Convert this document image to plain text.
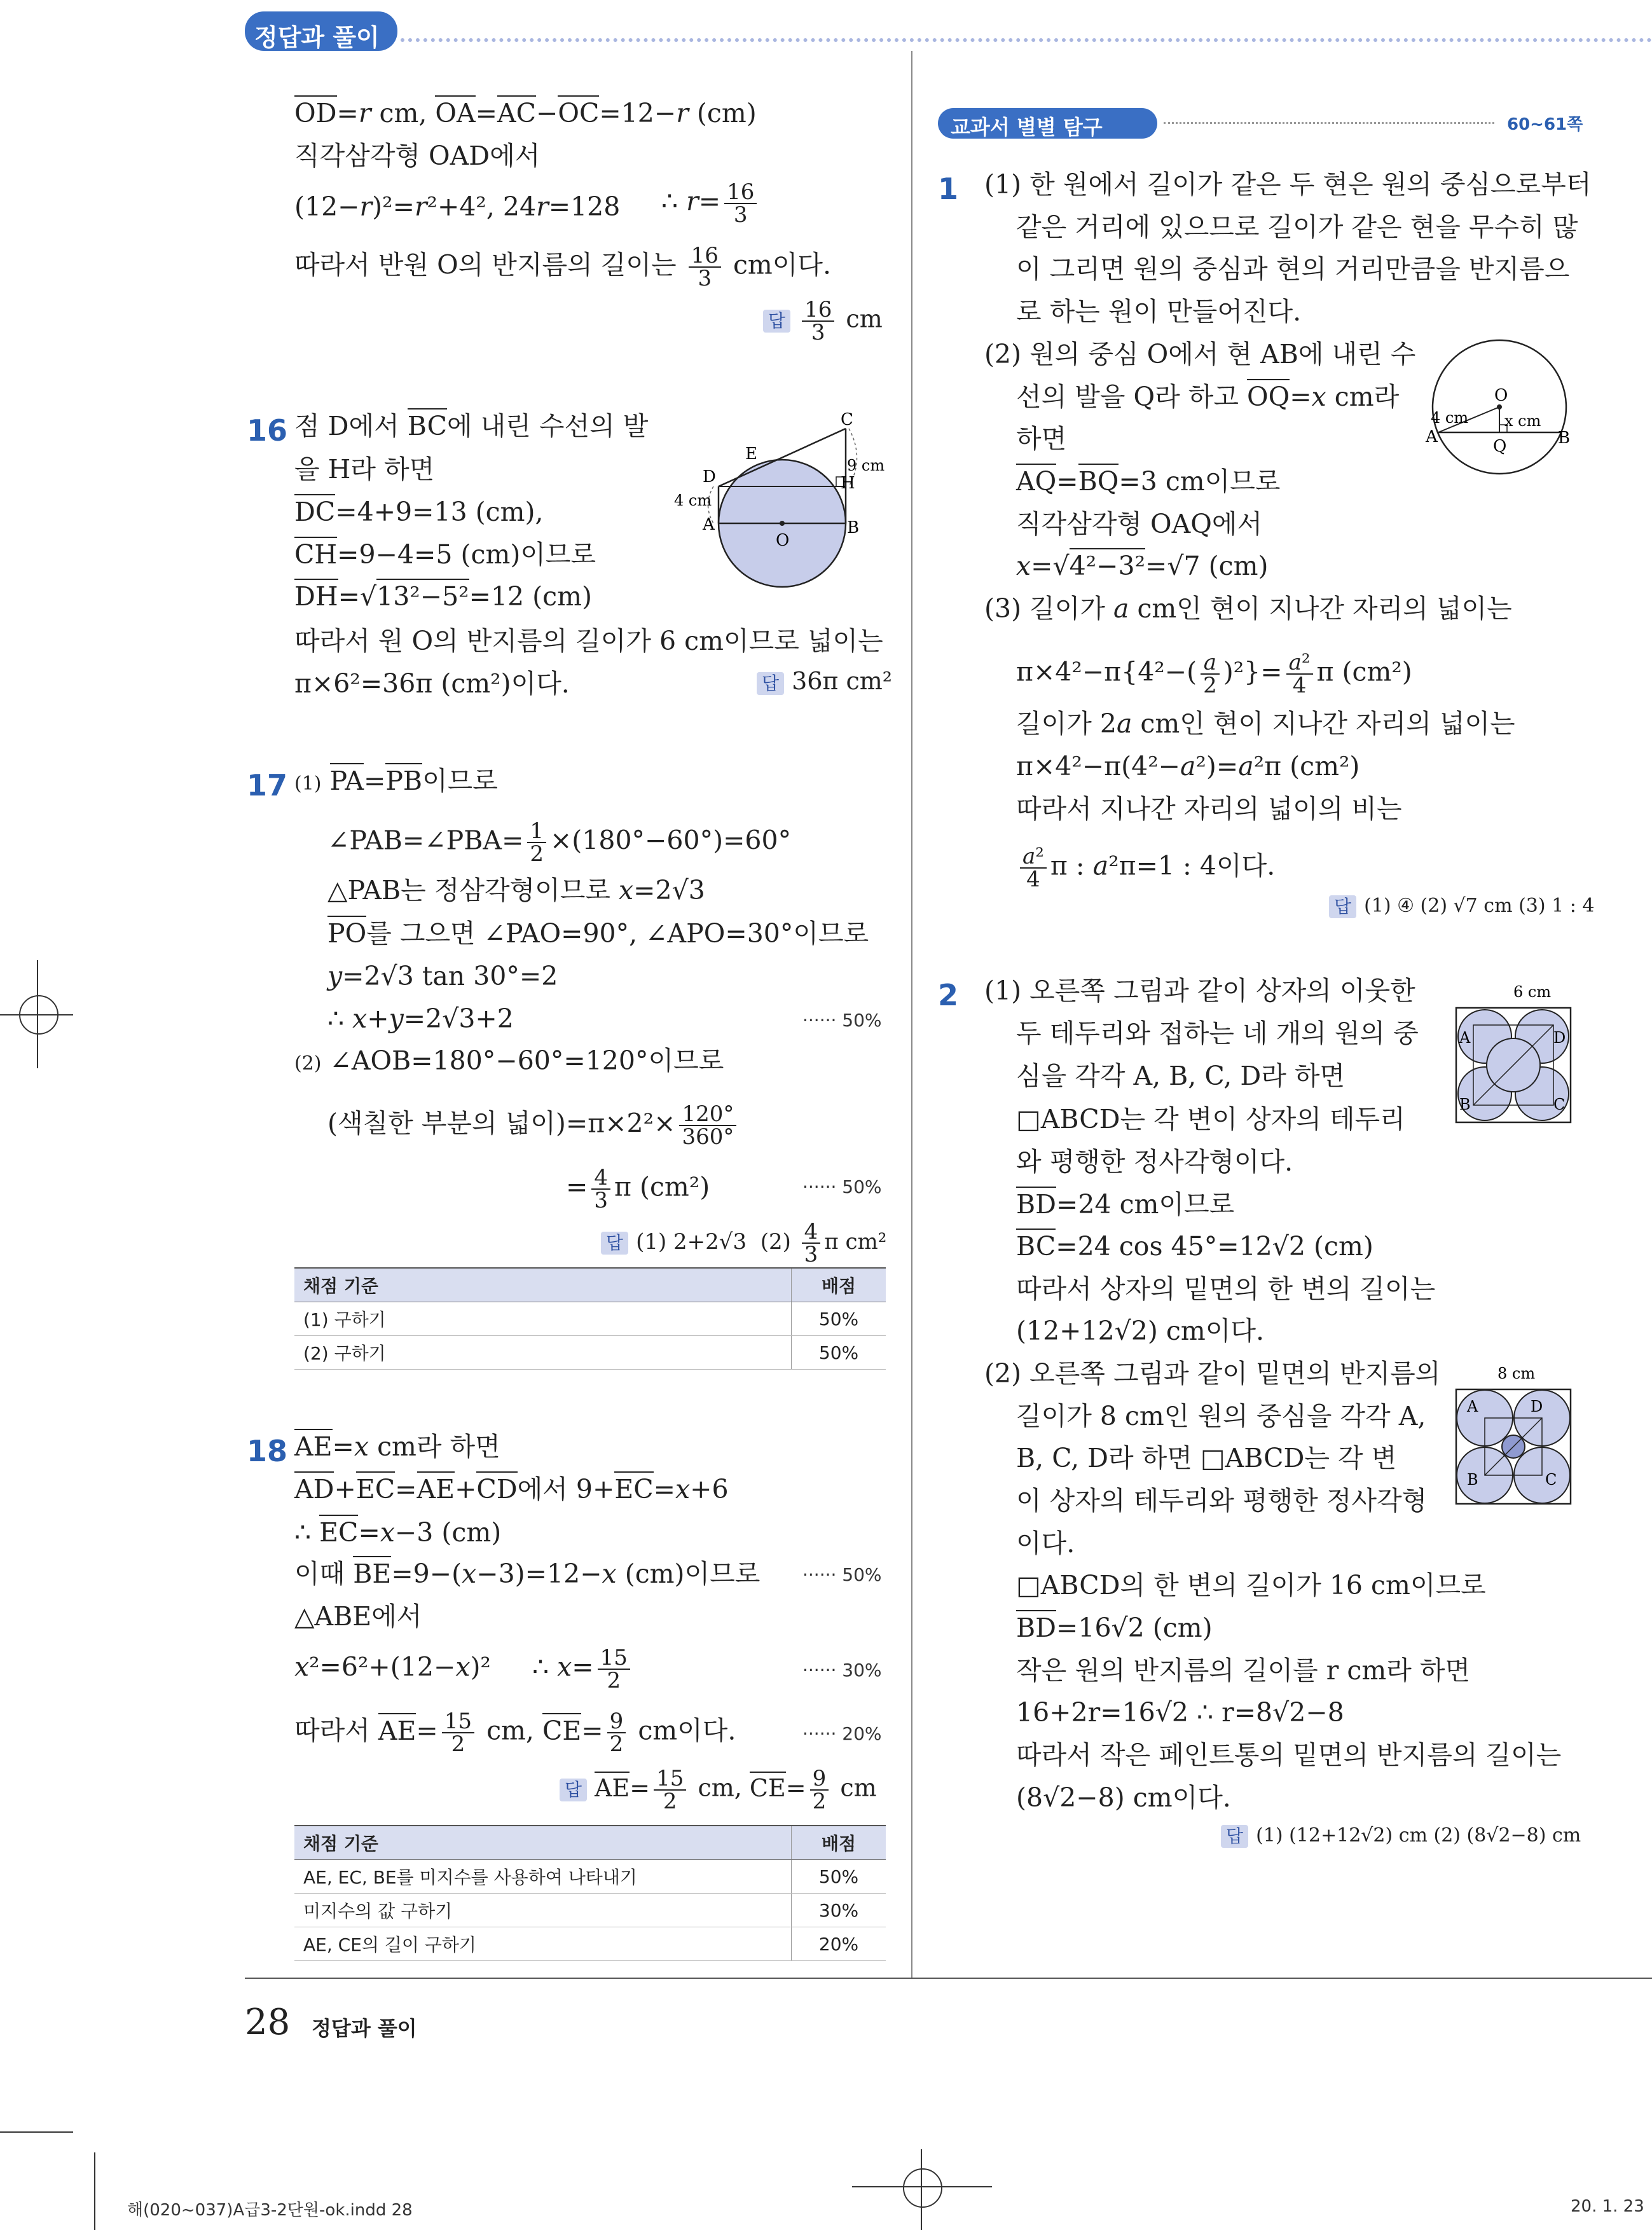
정답과 풀이
OD=r cm, OA=AC−OC=12−r (cm)
직각삼각형 OAD에서
(12−r)²=r²+4², 24r=128 ∴ $r= \frac{16}{3}$
따라서 반원 O의 반지름의 길이는 $\frac{16}{3}$ cm이다.
답 $\frac{16}{3}$ cm
16 점 D에서 BC에 내린 수선의 발
을 H라 하면
DC=4+9=13 (cm),
CH=9−4=5 (cm)이므로
DH=√13²−5²=12 (cm)
따라서 원 O의 반지름의 길이가 6 cm이므로 넓이는
π×6²=36π (cm²)이다.	답 36π cm²
C
E
D	H
A
O
B
9 cm
4 cm
17 (1) PA=PB이므로
∠PAB=∠PBA= $\frac{1}{2} \times(180^\circ-60^\circ)=60^\circ$
△PAB는 정삼각형이므로 x=2√3
PO를 그으면 ∠PAO=90°, ∠APO=30°이므로
y=2√3 tan 30°=2
∴ x+y=2√3+2	······ 50%
(2) ∠AOB=180°−60°=120°이므로
(색칠한 부분의 넓이)$=\pi\times 2^2\times \frac{120^\circ}{360^\circ}$
= $\frac{4}{3}$ π (cm²)	······ 50%
답 (1) 2+2√3  $(2) \frac{4}{3}$ π cm²
채점 기준	배점
(1) 구하기	50%
(2) 구하기	50%
18 AE=x cm라 하면
AD+EC=AE+CD에서 9+EC=x+6
∴ EC=x−3 (cm)
이때 BE=9−(x−3)=12−x (cm)이므로 ······ 50%
△ABE에서
x²=6²+(12−x)²     ∴ $x= \frac{15}{2}$	······ 30%
따라서 $AE= \frac{15}{2}$ cm, $CE= \frac{9}{2}$ cm이다.	······ 20%
답 $AE= \frac{15}{2}$ cm, $CE= \frac{9}{2}$ cm
채점 기준	배점
AE, EC, BE를 미지수를 사용하여 나타내기	50%
미지수의 값 구하기	30%
AE, CE의 길이 구하기	20%
교과서 별별 탐구	60~61쪽
1 (1) 한 원에서 길이가 같은 두 현은 원의 중심으로부터
같은 거리에 있으므로 길이가 같은 현을 무수히 많
이 그리면 원의 중심과 현의 거리만큼을 반지름으
로 하는 원이 만들어진다.
(2) 원의 중심 O에서 현 AB에 내린 수
선의 발을 Q라 하고 OQ=x cm라
하면
AQ=BQ=3 cm이므로
직각삼각형 OAQ에서
x=√4²−3²=√7 (cm)
(3) 길이가 a cm인 현이 지나간 자리의 넓이는
$\pi\times 4^2-\pi\{4^2-( \frac{a}{2} )^2\}= \frac{\text{a²}}{4}$ π (cm²)
길이가 2a cm인 현이 지나간 자리의 넓이는
π×4²−π(4²−a²)=a²π (cm²)
따라서 지나간 자리의 넓이의 비는
$\frac{\text{a²}}{4}$ π : a²π=1 : 4이다.
답 (1) ④ (2) √7 cm (3) 1 : 4
O
A	B
Q
4 cm x cm
2 (1) 오른쪽 그림과 같이 상자의 이웃한
두 테두리와 접하는 네 개의 원의 중
심을 각각 A, B, C, D라 하면
□ABCD는 각 변이 상자의 테두리
와 평행한 정사각형이다.
BD=24 cm이므로
BC=24 cos 45°=12√2 (cm)
따라서 상자의 밑면의 한 변의 길이는
(12+12√2) cm이다.
(2) 오른쪽 그림과 같이 밑면의 반지름의
길이가 8 cm인 원의 중심을 각각 A,
B, C, D라 하면 □ABCD는 각 변
이 상자의 테두리와 평행한 정사각형
이다.
□ABCD의 한 변의 길이가 16 cm이므로
BD=16√2 (cm)
작은 원의 반지름의 길이를 r cm라 하면
16+2r=16√2 ∴ r=8√2−8
따라서 작은 페인트통의 밑면의 반지름의 길이는
(8√2−8) cm이다.
답 (1) (12+12√2) cm (2) (8√2−8) cm
6 cm
A	D
B	C
8 cm
A	D
B	C
28 정답과 풀이
해(020~037)A급3-2단원-ok.indd 28	20. 1. 23
